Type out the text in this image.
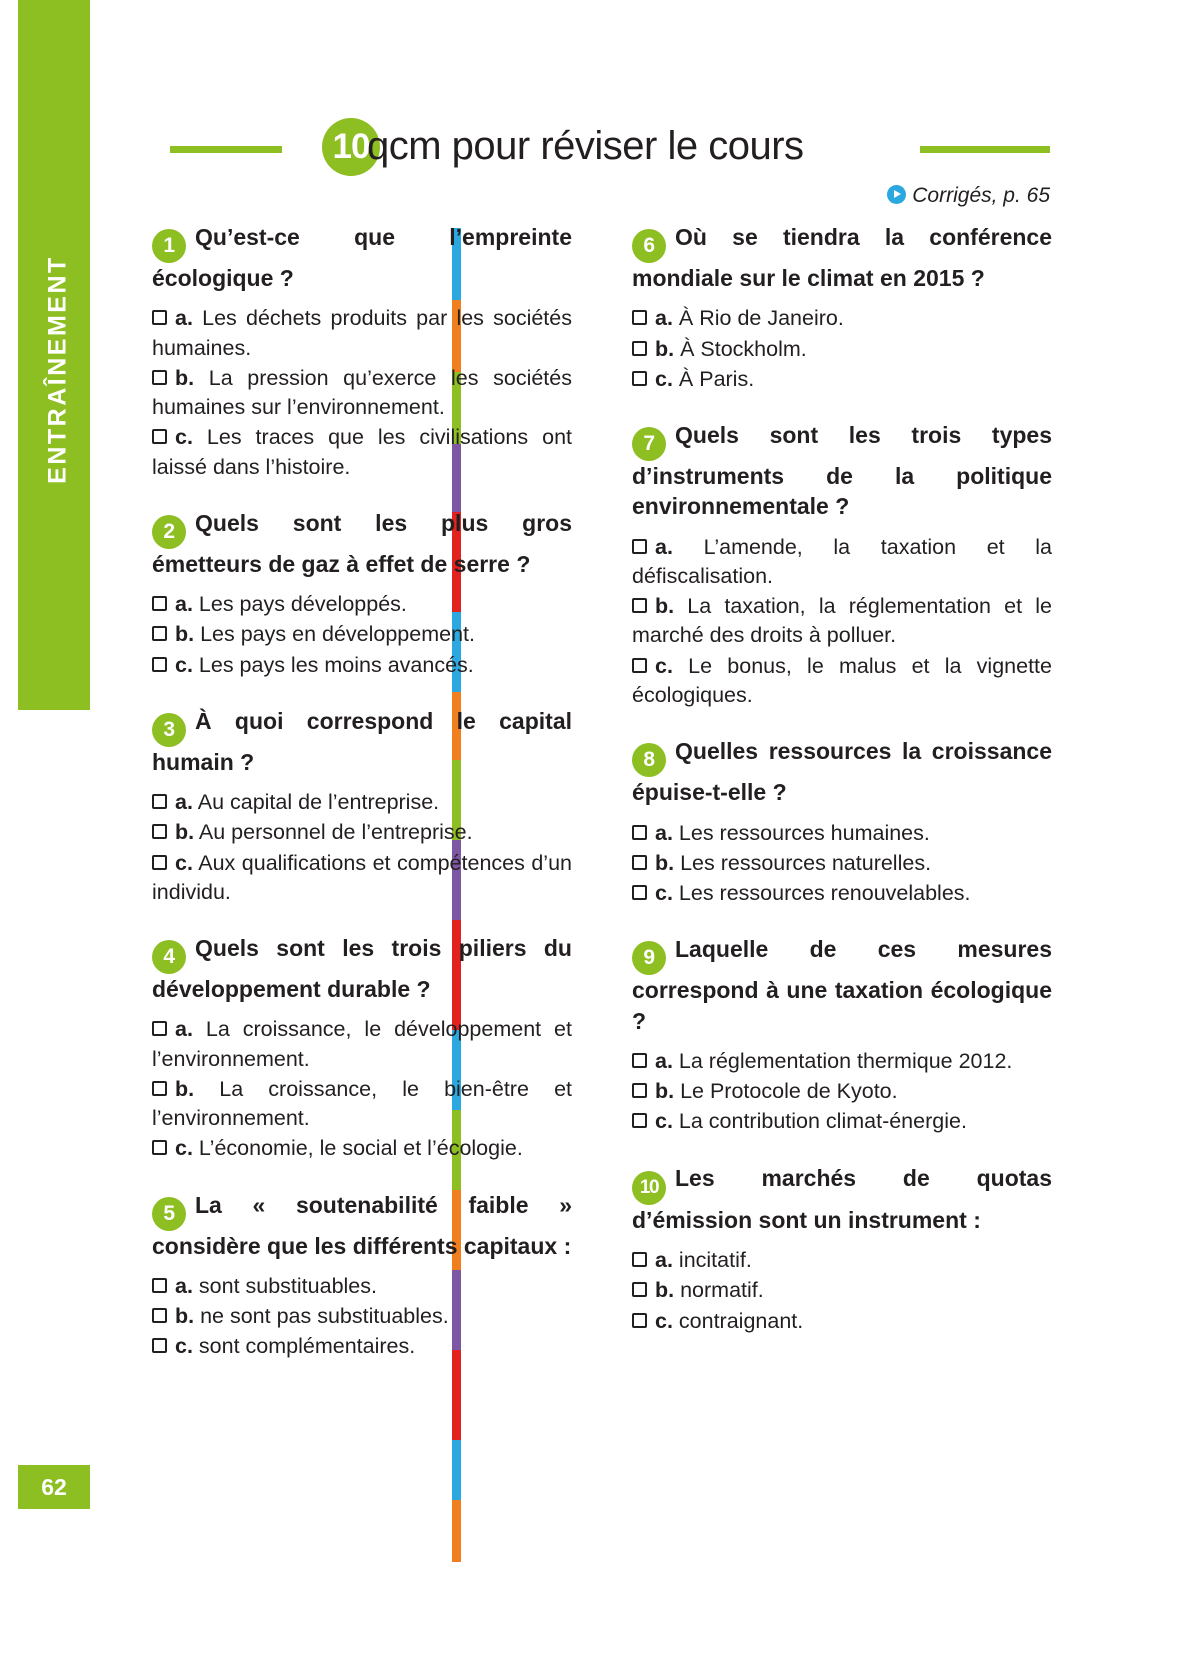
ENTRAÎNEMENT
62
10
qcm pour réviser le cours
Corrigés, p. 65
1 Qu’est-ce que l’empreinte écologique ?
a. Les déchets produits par les sociétés humaines.
b. La pression qu’exerce les sociétés humaines sur l’environnement.
c. Les traces que les civilisations ont laissé dans l’histoire.
2 Quels sont les plus gros émetteurs de gaz à effet de serre ?
a. Les pays développés.
b. Les pays en développement.
c. Les pays les moins avancés.
3 À quoi correspond le capital humain ?
a. Au capital de l’entreprise.
b. Au personnel de l’entreprise.
c. Aux qualifications et compétences d’un individu.
4 Quels sont les trois piliers du développement durable ?
a. La croissance, le développement et l’environnement.
b. La croissance, le bien-être et l’environnement.
c. L’économie, le social et l’écologie.
5 La « soutenabilité faible » considère que les différents capitaux :
a. sont substituables.
b. ne sont pas substituables.
c. sont complémentaires.
6 Où se tiendra la conférence mondiale sur le climat en 2015 ?
a. À Rio de Janeiro.
b. À Stockholm.
c. À Paris.
7 Quels sont les trois types d’instruments de la politique environnementale ?
a. L’amende, la taxation et la défiscalisation.
b. La taxation, la réglementation et le marché des droits à polluer.
c. Le bonus, le malus et la vignette écologiques.
8 Quelles ressources la croissance épuise-t-elle ?
a. Les ressources humaines.
b. Les ressources naturelles.
c. Les ressources renouvelables.
9 Laquelle de ces mesures correspond à une taxation écologique ?
a. La réglementation thermique 2012.
b. Le Protocole de Kyoto.
c. La contribution climat-énergie.
10 Les marchés de quotas d’émission sont un instrument :
a. incitatif.
b. normatif.
c. contraignant.
